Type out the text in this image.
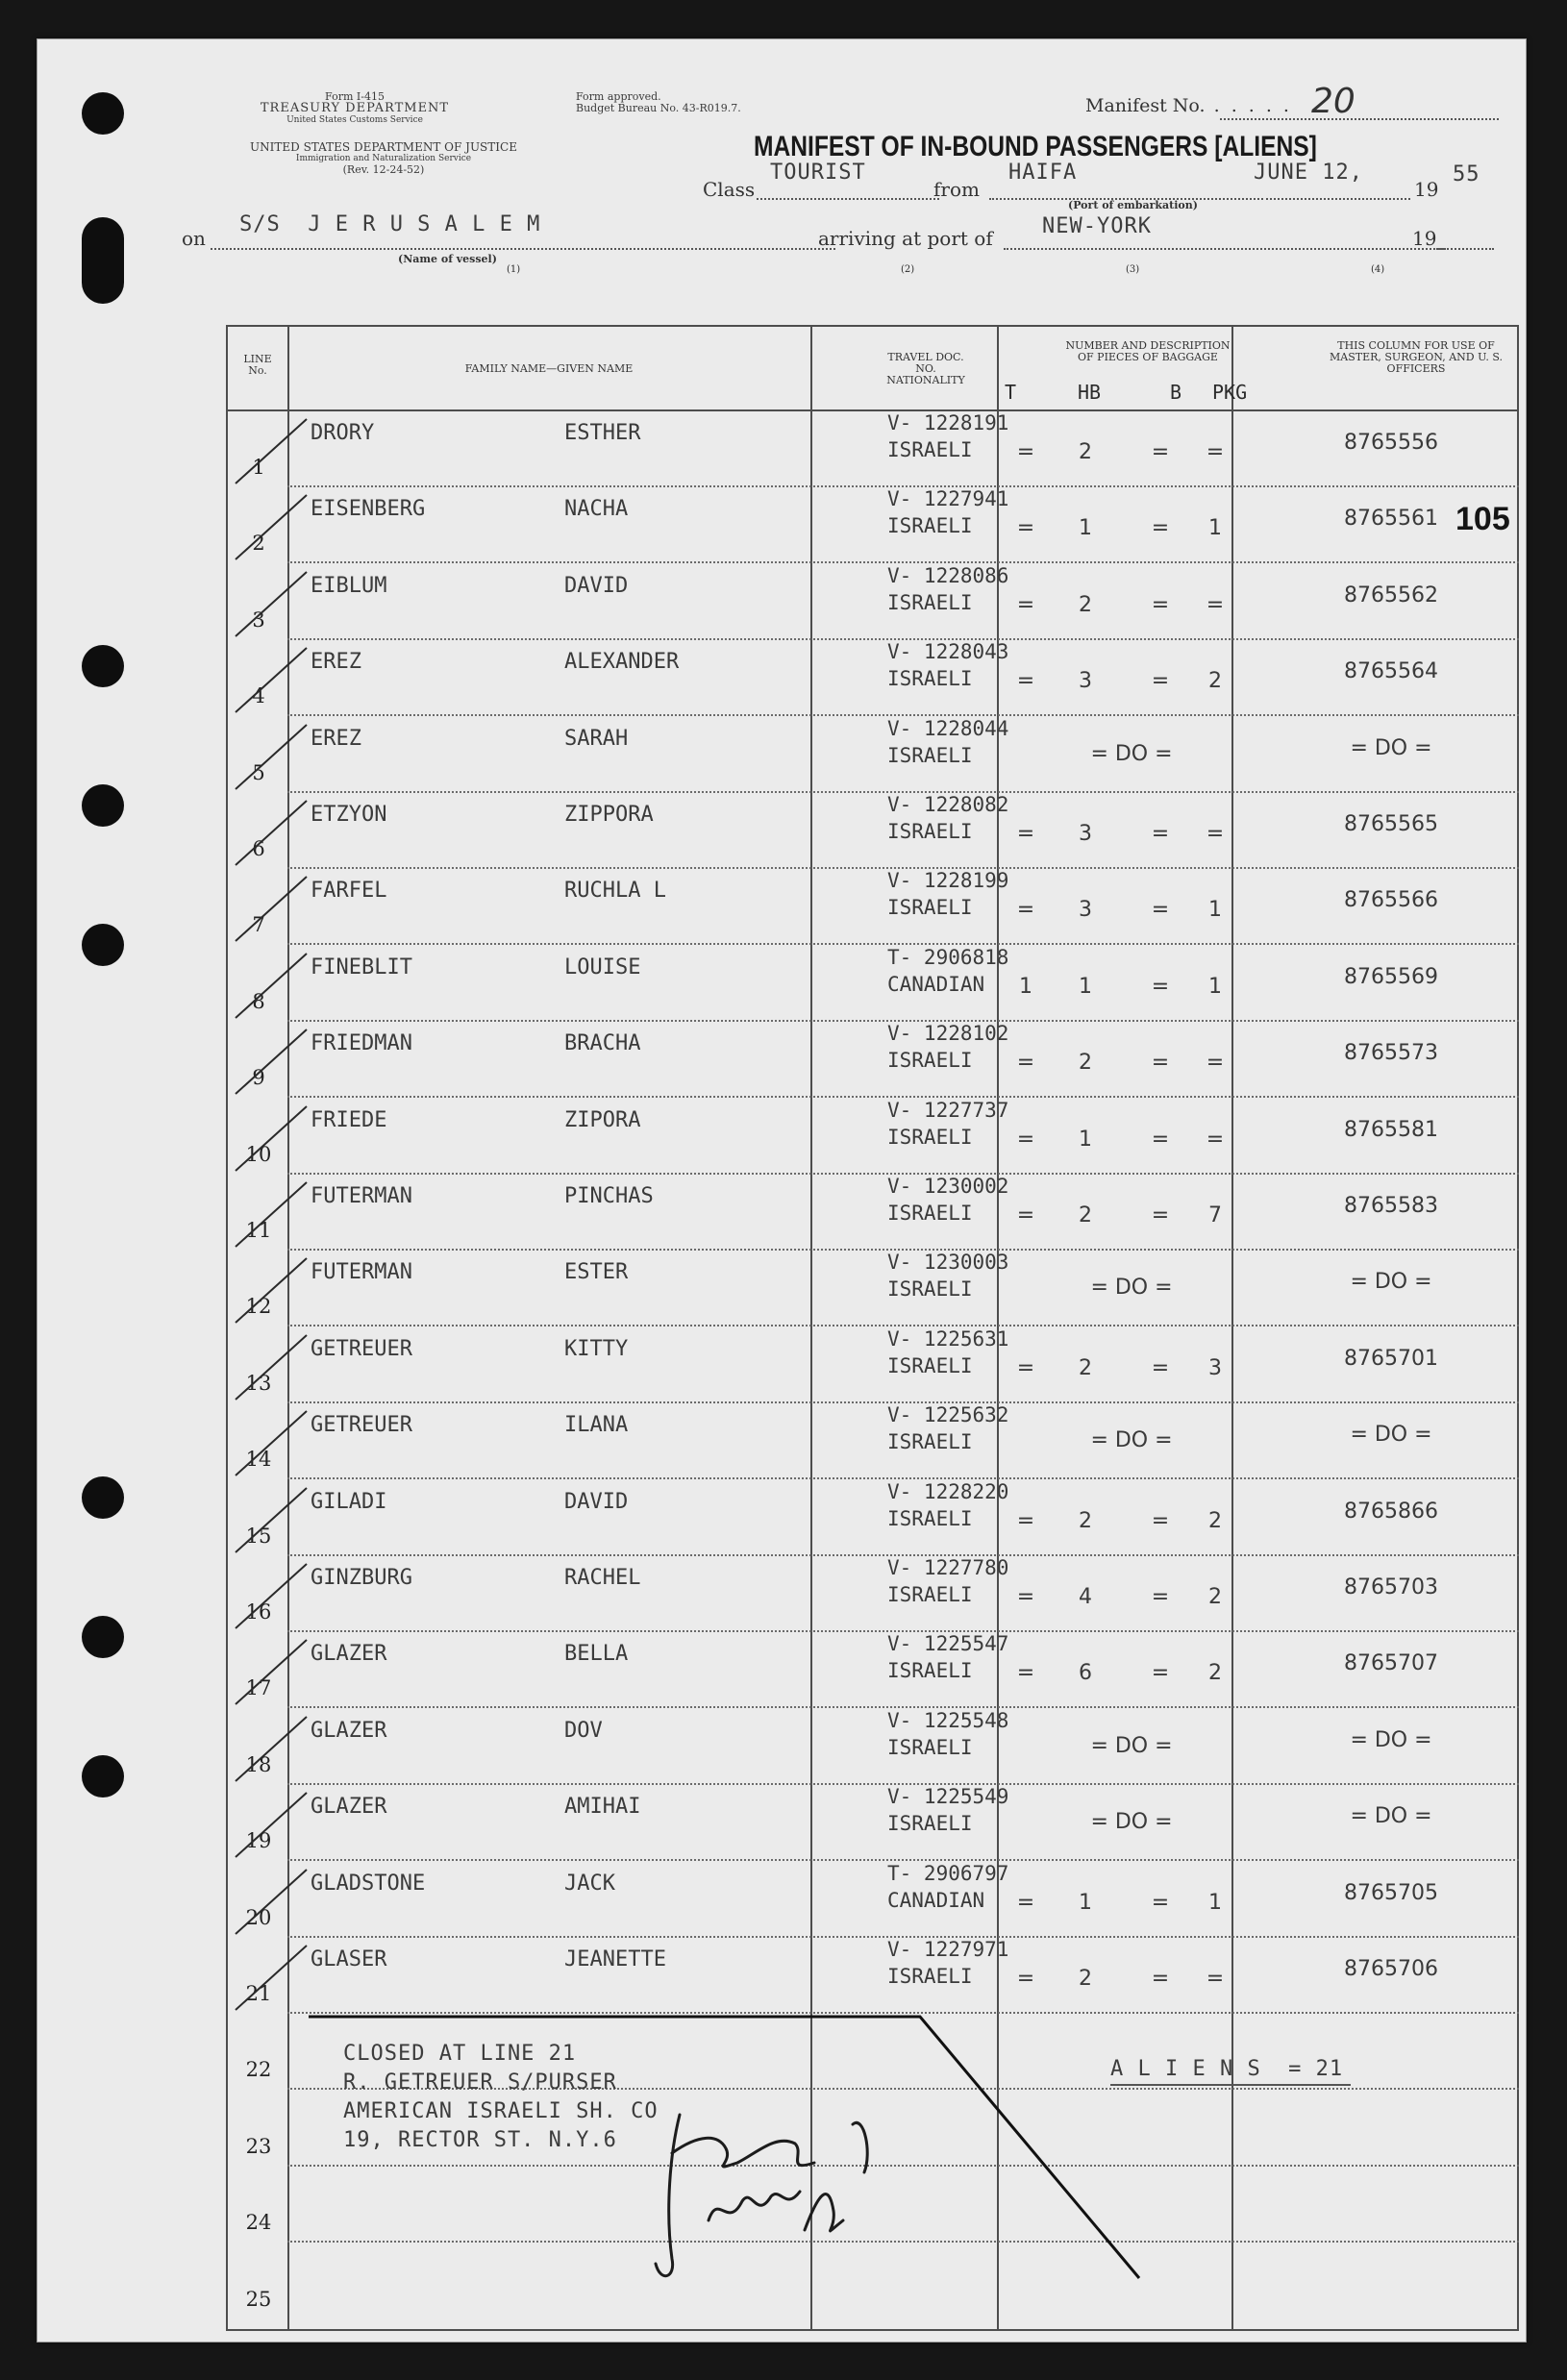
Form I-415
TREASURY DEPARTMENT
United States Customs Service
Form approved.
Budget Bureau No. 43-R019.7.
UNITED STATES DEPARTMENT OF JUSTICE
Immigration and Naturalization Service
(Rev. 12-24-52)
Manifest No. . . . . . 20
MANIFEST OF IN-BOUND PASSENGERS [ALIENS]
Class
TOURIST
from
HAIFA	JUNE 12,
19
55
(Port of embarkation)
on
S/S  J E R U S A L E M
(Name of vessel)
arriving at port of NEW-YORK	19
(1)	(2)	(3)	(4)
LINE No.	FAMILY NAME—GIVEN NAME
TRAVEL DOC. NO. NATIONALITY
NUMBER AND DESCRIPTION OF PIECES OF BAGGAGE
THIS COLUMN FOR USE OF MASTER, SURGEON, AND U. S. OFFICERS
T	HB	B PKG
1
DRORY	ESTHER	V- 1228191
ISRAELI =	2	= =	8765556
2
EISENBERG	NACHA	V- 1227941
ISRAELI =	1	=	1	8765561
3
EIBLUM	DAVID	V- 1228086
ISRAELI =	2	= =	8765562
4
EREZ	ALEXANDER	V- 1228043
ISRAELI =	3	=	2	8765564
5
EREZ	SARAH	V- 1228044
ISRAELI	= DO =	= DO =
6
ETZYON	ZIPPORA	V- 1228082
ISRAELI =	3	= =	8765565
7
FARFEL	RUCHLA L	V- 1228199
ISRAELI =	3	=	1	8765566
8
FINEBLIT	LOUISE	T- 2906818
CANADIAN	1	1	=	1	8765569
9
FRIEDMAN	BRACHA	V- 1228102
ISRAELI =	2	= =	8765573
10
FRIEDE	ZIPORA	V- 1227737
ISRAELI =	1	= =	8765581
11
FUTERMAN	PINCHAS	V- 1230002
ISRAELI =	2	=	7	8765583
12
FUTERMAN	ESTER	V- 1230003
ISRAELI	= DO =	= DO =
13
GETREUER	KITTY	V- 1225631
ISRAELI =	2	=	3	8765701
14
GETREUER	ILANA	V- 1225632
ISRAELI	= DO =	= DO =
15
GILADI	DAVID	V- 1228220
ISRAELI =	2	=	2	8765866
16
GINZBURG	RACHEL	V- 1227780
ISRAELI =	4	=	2	8765703
17
GLAZER	BELLA	V- 1225547
ISRAELI =	6	=	2	8765707
18
GLAZER	DOV	V- 1225548
ISRAELI	= DO =	= DO =
19
GLAZER	AMIHAI	V- 1225549
ISRAELI	= DO =	= DO =
20
GLADSTONE	JACK	T- 2906797
CANADIAN =	1	=	1	8765705
21
GLASER	JEANETTE	V- 1227971
ISRAELI =	2	= =	8765706
22
23
24
25
CLOSED AT LINE 21
R. GETREUER S/PURSER
AMERICAN ISRAELI SH. CO
19, RECTOR ST. N.Y.6
A L I E N S  = 21
105
